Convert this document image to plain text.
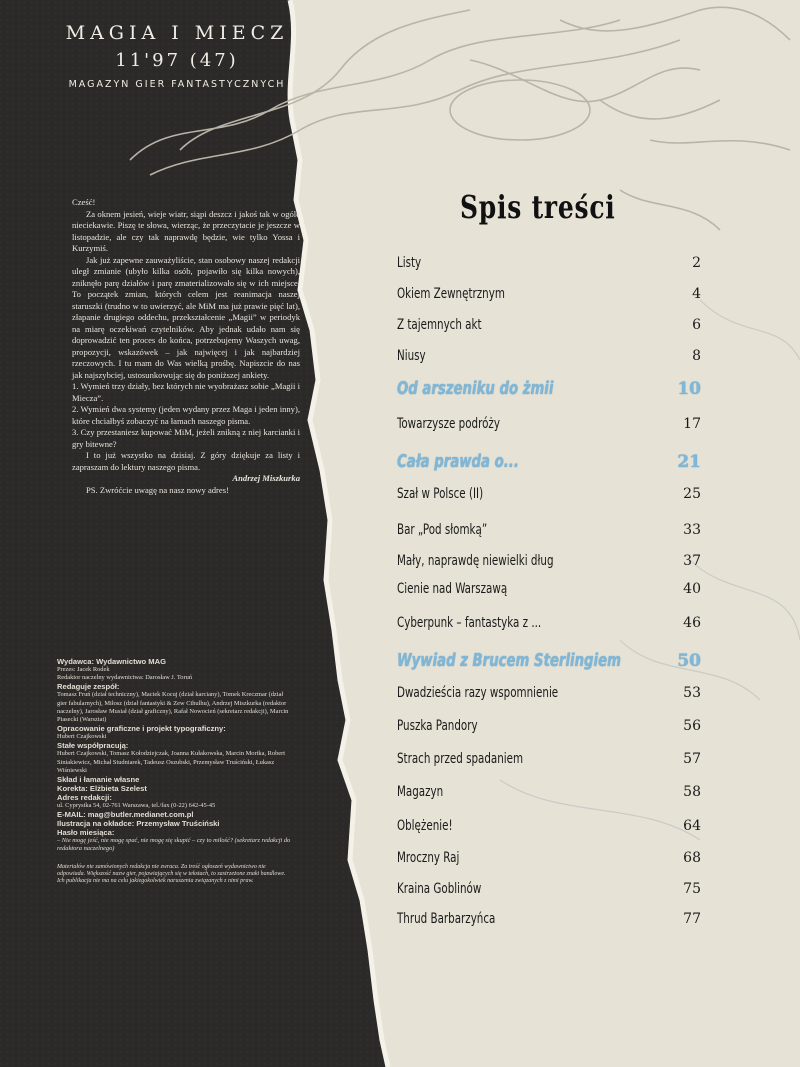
MAGIA I MIECZ
11'97 (47)
MAGAZYN GIER FANTASTYCZNYCH

Cześć!

Za oknem jesień, wieje wiatr, siąpi deszcz i jakoś tak w ogóle nieciekawie. Piszę te słowa, wierząc, że przeczytacie je jeszcze w listopadzie, ale czy tak naprawdę będzie, wie tylko Yossa i Kurzymiś.

Jak już zapewne zauważyliście, stan osobowy naszej redakcji uległ zmianie (ubyło kilka osób, pojawiło się kilka nowych), zniknęło parę działów i parę zmaterializowało się w ich miejsce. To początek zmian, których celem jest reanimacja naszej staruszki (trudno w to uwierzyć, ale MiM ma już prawie pięć lat), złapanie drugiego oddechu, przekształcenie „Magii” w periodyk na miarę oczekiwań czytelników. Aby jednak udało nam się doprowadzić ten proces do końca, potrzebujemy Waszych uwag, propozycji, wskazówek – jak najwięcej i jak najbardziej rzeczowych. I tu mam do Was wielką prośbę. Napiszcie do nas jak najszybciej, ustosunkowując się do poniższej ankiety.

1. Wymień trzy działy, bez których nie wyobrażasz sobie „Magii i Miecza”.

2. Wymień dwa systemy (jeden wydany przez Maga i jeden inny), które chciałbyś zobaczyć na łamach naszego pisma.

3. Czy przestaniesz kupować MiM, jeżeli znikną z niej karcianki i gry bitewne?

I to już wszystko na dzisiaj. Z góry dziękuje za listy i zapraszam do lektury naszego pisma.

Andrzej Miszkurka

PS. Zwróćcie uwagę na nasz nowy adres!

Wydawca: Wydawnictwo MAG
Prezes: Jacek Rodek
Redaktor naczelny wydawnictwa: Darosław J. Toruń
Redaguje zespół:
Tomasz Fruń (dział techniczny), Maciek Kocuj (dział karciany), Tomek Kreczmar (dział gier fabularnych), Miłosz (dział fantastyki & Zew Cthulhu), Andrzej Miszkurka (redaktor naczelny), Jarosław Musiał (dział graficzny), Rafał Nowocień (sekretarz redakcji), Marcin Piasecki (Warsztat)
Opracowanie graficzne i projekt typograficzny:
Hubert Czajkowski
Stałe współpracują:
Hubert Czajkowski, Tomasz Kołodziejczak, Joanna Kułakowska, Marcin Mortka, Robert Siniakiewicz, Michał Studniarek, Tadeusz Oszubski, Przemysław Truściński, Łukasz Wiśniewski
Skład i łamanie własne
Korekta: Elżbieta Szelest
Adres redakcji:
ul. Cyprysika 54, 02-761 Warszawa, tel./fax (0-22) 642-45-45
E-MAIL: mag@butler.medianet.com.pl
Ilustracja na okładce: Przemysław Truściński
Hasło miesiąca:
– Nie mogę jeść, nie mogę spać, nie mogę się skupić – czy to miłość? (sekretarz redakcji do redaktora naczelnego)
Materiałów nie zamówionych redakcja nie zwraca. Za treść ogłoszeń wydawnictwo nie odpowiada. Większość nazw gier, pojawiających się w tekstach, to zastrzeżone znaki handlowe. Ich publikacja nie ma na celu jakiegokolwiek naruszenia związanych z nimi praw.
Spis treści
Listy	2
Okiem Zewnętrznym	4
Z tajemnych akt	6
Niusy	8
Od arszeniku do żmii	10
Towarzysze podróży	17
Cała prawda o...	21
Szał w Polsce (II)	25
Bar „Pod słomką”	33
Mały, naprawdę niewielki dług	37
Cienie nad Warszawą	40
Cyberpunk – fantastyka z ...	46
Wywiad z Brucem Sterlingiem	50
Dwadzieścia razy wspomnienie	53
Puszka Pandory	56
Strach przed spadaniem	57
Magazyn	58
Oblężenie!	64
Mroczny Raj	68
Kraina Goblinów	75
Thrud Barbarzyńca	77
